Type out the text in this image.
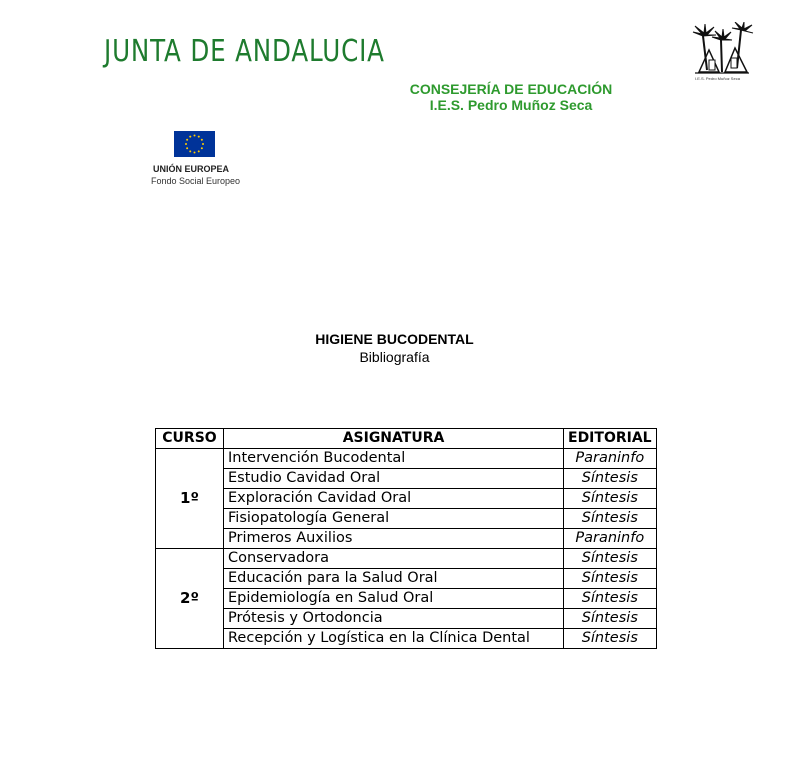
JUNTA DE ANDALUCIA
CONSEJERÍA DE EDUCACIÓN
I.E.S. Pedro Muñoz Seca
I.E.S. Pedro Muñoz Seca
UNIÓN EUROPEA
Fondo Social Europeo
HIGIENE BUCODENTAL
Bibliografía
CURSO	ASIGNATURA	EDITORIAL
1º	Intervención Bucodental	Paraninfo
	Estudio Cavidad Oral	Síntesis
	Exploración Cavidad Oral	Síntesis
	Fisiopatología General	Síntesis
	Primeros Auxilios	Paraninfo
2º	Conservadora	Síntesis
	Educación para la Salud Oral	Síntesis
	Epidemiología en Salud Oral	Síntesis
	Prótesis y Ortodoncia	Síntesis
	Recepción y Logística en la Clínica Dental	Síntesis
